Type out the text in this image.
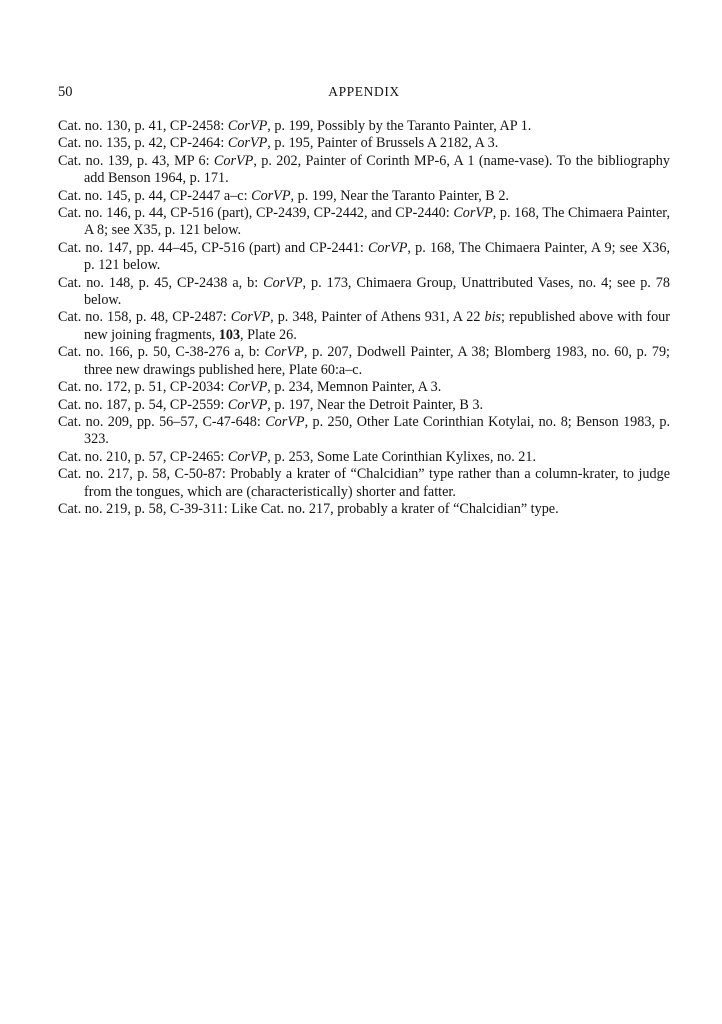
50	APPENDIX

Cat. no. 130, p. 41, CP-2458: CorVP, p. 199, Possibly by the Taranto Painter, AP 1.

Cat. no. 135, p. 42, CP-2464: CorVP, p. 195, Painter of Brussels A 2182, A 3.

Cat. no. 139, p. 43, MP 6: CorVP, p. 202, Painter of Corinth MP-6, A 1 (name-vase). To the bibliography add Benson 1964, p. 171.

Cat. no. 145, p. 44, CP-2447 a–c: CorVP, p. 199, Near the Taranto Painter, B 2.

Cat. no. 146, p. 44, CP-516 (part), CP-2439, CP-2442, and CP-2440: CorVP, p. 168, The Chimaera Painter, A 8; see X35, p. 121 below.

Cat. no. 147, pp. 44–45, CP-516 (part) and CP-2441: CorVP, p. 168, The Chimaera Painter, A 9; see X36, p. 121 below.

Cat. no. 148, p. 45, CP-2438 a, b: CorVP, p. 173, Chimaera Group, Unattributed Vases, no. 4; see p. 78 below.

Cat. no. 158, p. 48, CP-2487: CorVP, p. 348, Painter of Athens 931, A 22 bis; republished above with four new joining fragments, 103, Plate 26.

Cat. no. 166, p. 50, C-38-276 a, b: CorVP, p. 207, Dodwell Painter, A 38; Blomberg 1983, no. 60, p. 79; three new drawings published here, Plate 60:a–c.

Cat. no. 172, p. 51, CP-2034: CorVP, p. 234, Memnon Painter, A 3.

Cat. no. 187, p. 54, CP-2559: CorVP, p. 197, Near the Detroit Painter, B 3.

Cat. no. 209, pp. 56–57, C-47-648: CorVP, p. 250, Other Late Corinthian Kotylai, no. 8; Benson 1983, p. 323.

Cat. no. 210, p. 57, CP-2465: CorVP, p. 253, Some Late Corinthian Kylixes, no. 21.

Cat. no. 217, p. 58, C-50-87: Probably a krater of “Chalcidian” type rather than a column-krater, to judge from the tongues, which are (characteristically) shorter and fatter.

Cat. no. 219, p. 58, C-39-311: Like Cat. no. 217, probably a krater of “Chalcidian” type.
